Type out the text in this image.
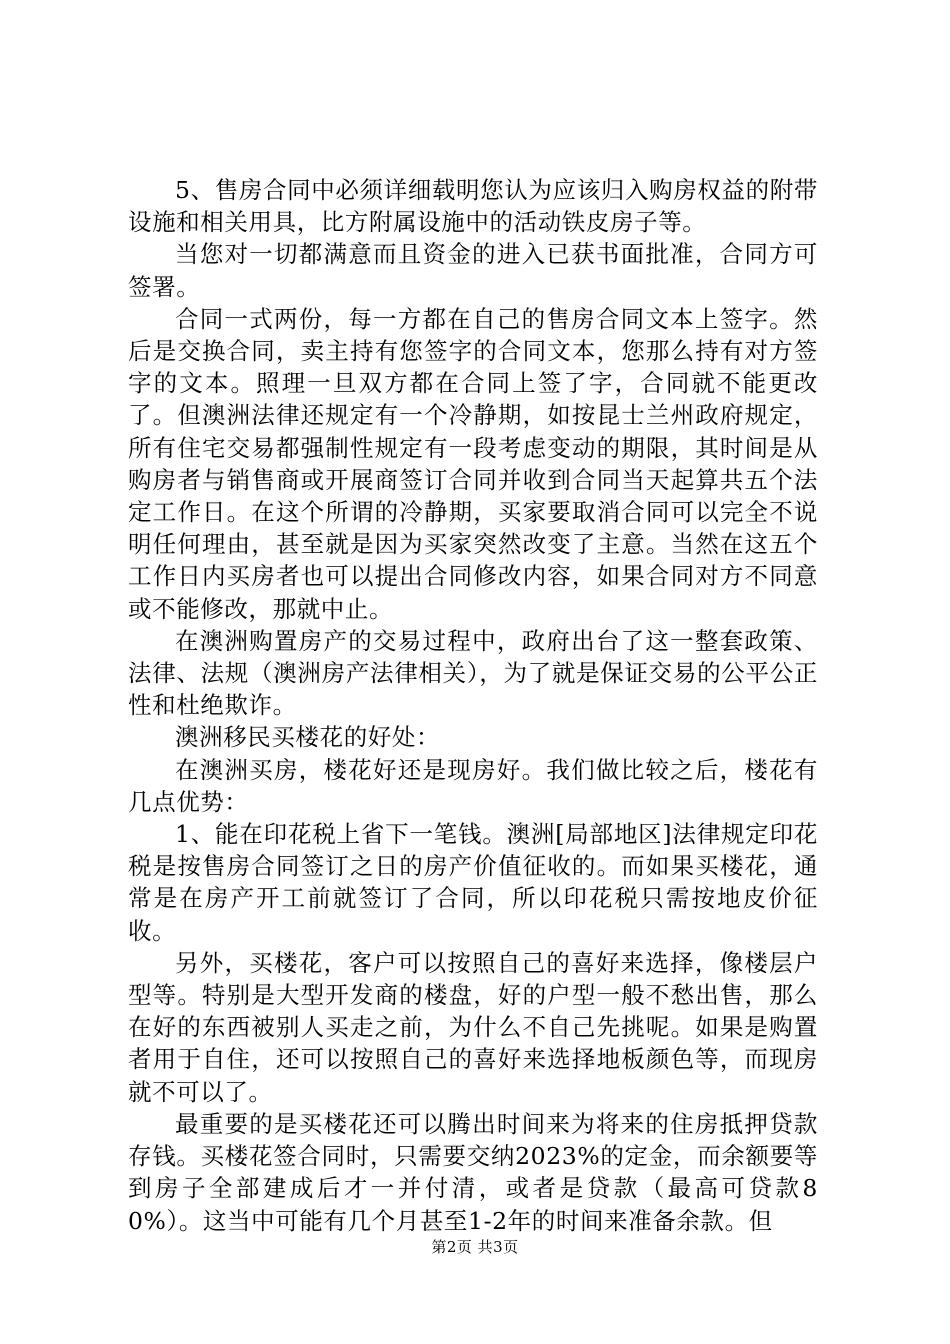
5、售房合同中必须详细载明您认为应该归入购房权益的附带设施和相关用具，比方附属设施中的活动铁皮房子等。

当您对一切都满意而且资金的进入已获书面批准，合同方可签署。

合同一式两份，每一方都在自己的售房合同文本上签字。然后是交换合同，卖主持有您签字的合同文本，您那么持有对方签字的文本。照理一旦双方都在合同上签了字，合同就不能更改了。但澳洲法律还规定有一个冷静期，如按昆士兰州政府规定，所有住宅交易都强制性规定有一段考虑变动的期限，其时间是从购房者与销售商或开展商签订合同并收到合同当天起算共五个法定工作日。在这个所谓的冷静期，买家要取消合同可以完全不说明任何理由，甚至就是因为买家突然改变了主意。当然在这五个工作日内买房者也可以提出合同修改内容，如果合同对方不同意或不能修改，那就中止。

在澳洲购置房产的交易过程中，政府出台了这一整套政策、法律、法规（澳洲房产法律相关），为了就是保证交易的公平公正性和杜绝欺诈。

澳洲移民买楼花的好处：

在澳洲买房，楼花好还是现房好。我们做比较之后，楼花有几点优势：

1、能在印花税上省下一笔钱。澳洲[局部地区]法律规定印花税是按售房合同签订之日的房产价值征收的。而如果买楼花，通常是在房产开工前就签订了合同，所以印花税只需按地皮价征收。

另外，买楼花，客户可以按照自己的喜好来选择，像楼层户型等。特别是大型开发商的楼盘，好的户型一般不愁出售，那么在好的东西被别人买走之前，为什么不自己先挑呢。如果是购置者用于自住，还可以按照自己的喜好来选择地板颜色等，而现房就不可以了。

最重要的是买楼花还可以腾出时间来为将来的住房抵押贷款存钱。买楼花签合同时，只需要交纳2023%的定金，而余额要等到房子全部建成后才一并付清，或者是贷款（最高可贷款80%）。这当中可能有几个月甚至1-2年的时间来准备余款。但

第2页 共3页
